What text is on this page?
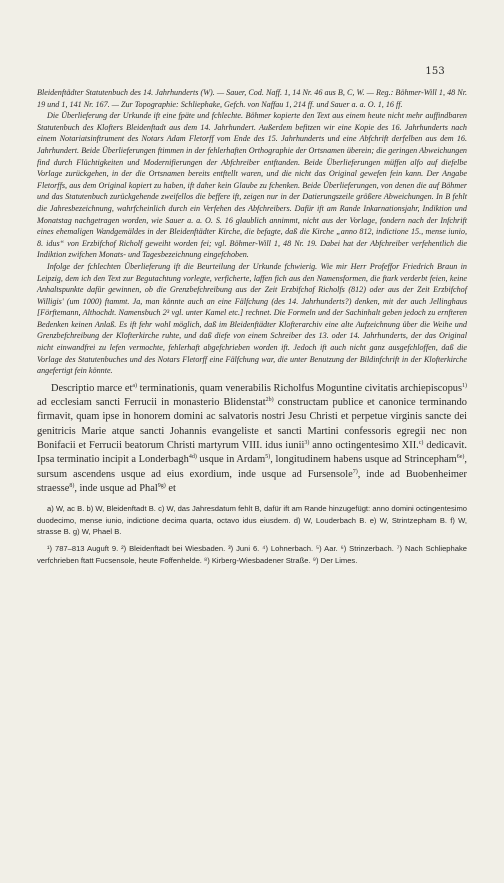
153

Bleidenftädter Statutenbuch des 14. Jahrhunderts (W). — Sauer, Cod. Naff. 1, 14 Nr. 46 aus B, C, W. — Reg.: Böhmer-Will 1, 48 Nr. 19 und 1, 141 Nr. 167. — Zur Topographie: Schliephake, Gefch. von Naffau 1, 214 ff. und Sauer a. a. O. 1, 16 ff.

Die Überlieferung der Urkunde ift eine fpäte und fchlechte. Böhmer kopierte den Text aus einem heute nicht mehr auffindbaren Statutenbuch des Klofters Bleidenftadt aus dem 14. Jahrhundert. Außerdem befitzen wir eine Kopie des 16. Jahrhunderts nach einem Notariatsinftrument des Notars Adam Fletorff vom Ende des 15. Jahrhunderts und eine Abfchrift derfelben aus dem 16. Jahrhundert. Beide Überlieferungen ftimmen in der fehlerhaften Orthographie der Ortsnamen überein; die geringen Abweichungen find durch Flüchtigkeiten und Modernifierungen der Abfchreiber entftanden. Beide Überlieferungen müffen alfo auf diefelbe Vorlage zurückgehen, in der die Ortsnamen bereits entftellt waren, und die nicht das Original gewefen fein kann. Der Angabe Fletorffs, aus dem Original kopiert zu haben, ift daher kein Glaube zu fchenken. Beide Überlieferungen, von denen die auf Böhmer und das Statutenbuch zurückgehende zweifellos die beffere ift, zeigen nur in der Datierungszeile größere Abweichungen. In B fehlt die Jahresbezeichnung, wahrfcheinlich durch ein Verfehen des Abfchreibers. Dafür ift am Rande Inkarnationsjahr, Indiktion und Monatstag nachgetragen worden, wie Sauer a. a. O. S. 16 glaublich annimmt, nicht aus der Vorlage, fondern nach der Infchrift eines ehemaligen Wandgemäldes in der Bleidenftädter Kirche, die befagte, daß die Kirche „anno 812, indictione 15., mense iunio, 8. idus“ von Erzbifchof Richolf geweiht worden fei; vgl. Böhmer-Will 1, 48 Nr. 19. Dabei hat der Abfchreiber verfehentlich die Indiktion zwifchen Monats- und Tagesbezeichnung eingefchoben.

Infolge der fchlechten Überlieferung ift die Beurteilung der Urkunde fchwierig. Wie mir Herr Profeffor Friedrich Braun in Leipzig, dem ich den Text zur Begutachtung vorlegte, verficherte, laffen fich aus den Namensformen, die ftark verderbt feien, keine Anhaltspunkte dafür gewinnen, ob die Grenzbefchreibung aus der Zeit Erzbifchof Richolfs (812) oder aus der Zeit Erzbifchof Willigis' (um 1000) ftammt. Ja, man könnte auch an eine Fälfchung (des 14. Jahrhunderts?) denken, mit der auch Jellinghaus [Förftemann, Althochdt. Namensbuch 2³ vgl. unter Kamel etc.] rechnet. Die Formeln und der Sachinhalt geben jedoch zu ernfteren Bedenken keinen Anlaß. Es ift fehr wohl möglich, daß im Bleidenftädter Klofterarchiv eine alte Aufzeichnung über die Weihe und Grenzbefchreibung der Klofterkirche ruhte, und daß diefe von einem Schreiber des 13. oder 14. Jahrhunderts, der das Original nicht einwandfrei zu lefen vermochte, fehlerhaft abgefchrieben worden ift. Jedoch ift auch nicht ganz ausgefchloffen, daß die Vorlage des Statutenbuches und des Notars Fletorff eine Fälfchung war, die unter Benutzung der Bildinfchrift in der Klofterkirche angefertigt fein könnte.

Descriptio marce $et^{a)}$ terminationis, quam venerabilis Richolfus Moguntine civitatis archiepiscopus$^{1)}$ ad ecclesiam sancti Ferrucii in monasterio Blidenstat$^{2b)}$ constructam publice et canonice terminando firmavit, quam ipse in honorem domini ac salvatoris nostri Jesu Christi et perpetue virginis sancte dei genitricis Marie atque sancti Johannis evangeliste et sancti Martini confessoris egregii nec non Bonifacii et Ferrucii beatorum Christi martyrum VIII. idus iunii$^{3)}$ anno octingentesimo XII.$^{c)}$ dedicavit. Ipsa terminatio incipit a Londerbagh$^{4d)}$ usque in Ardam$^{5)}$, longitudinem habens usque ad Strincepham$^{6e)}$, sursum ascendens usque ad eius exordium, inde usque ad Fursensole$^{7)}$, inde ad Buobenheimer straesse$^{8)}$, inde usque ad Phal$^{9g)}$ et

a) W, ac B. b) W, Bleidenftadt B. c) W, das Jahresdatum fehlt B, dafür ift am Rande hinzugefügt: anno domini octingentesimo duodecimo, mense iunio, indictione decima quarta, octavo idus eiusdem. d) W, Louderbach B. e) W, Strintzepham B. f) W, strasse B. g) W, Phael B.
¹) 787–813 Auguft 9. ²) Bleidenftadt bei Wiesbaden. ³) Juni 6. ⁴) Lohnerbach. ⁵) Aar. ⁶) Strinzerbach. ⁷) Nach Schliephake verfchrieben ftatt Fucsensole, heute Foffenhelde. ⁸) Kirberg-Wiesbadener Straße. ⁹) Der Limes.
